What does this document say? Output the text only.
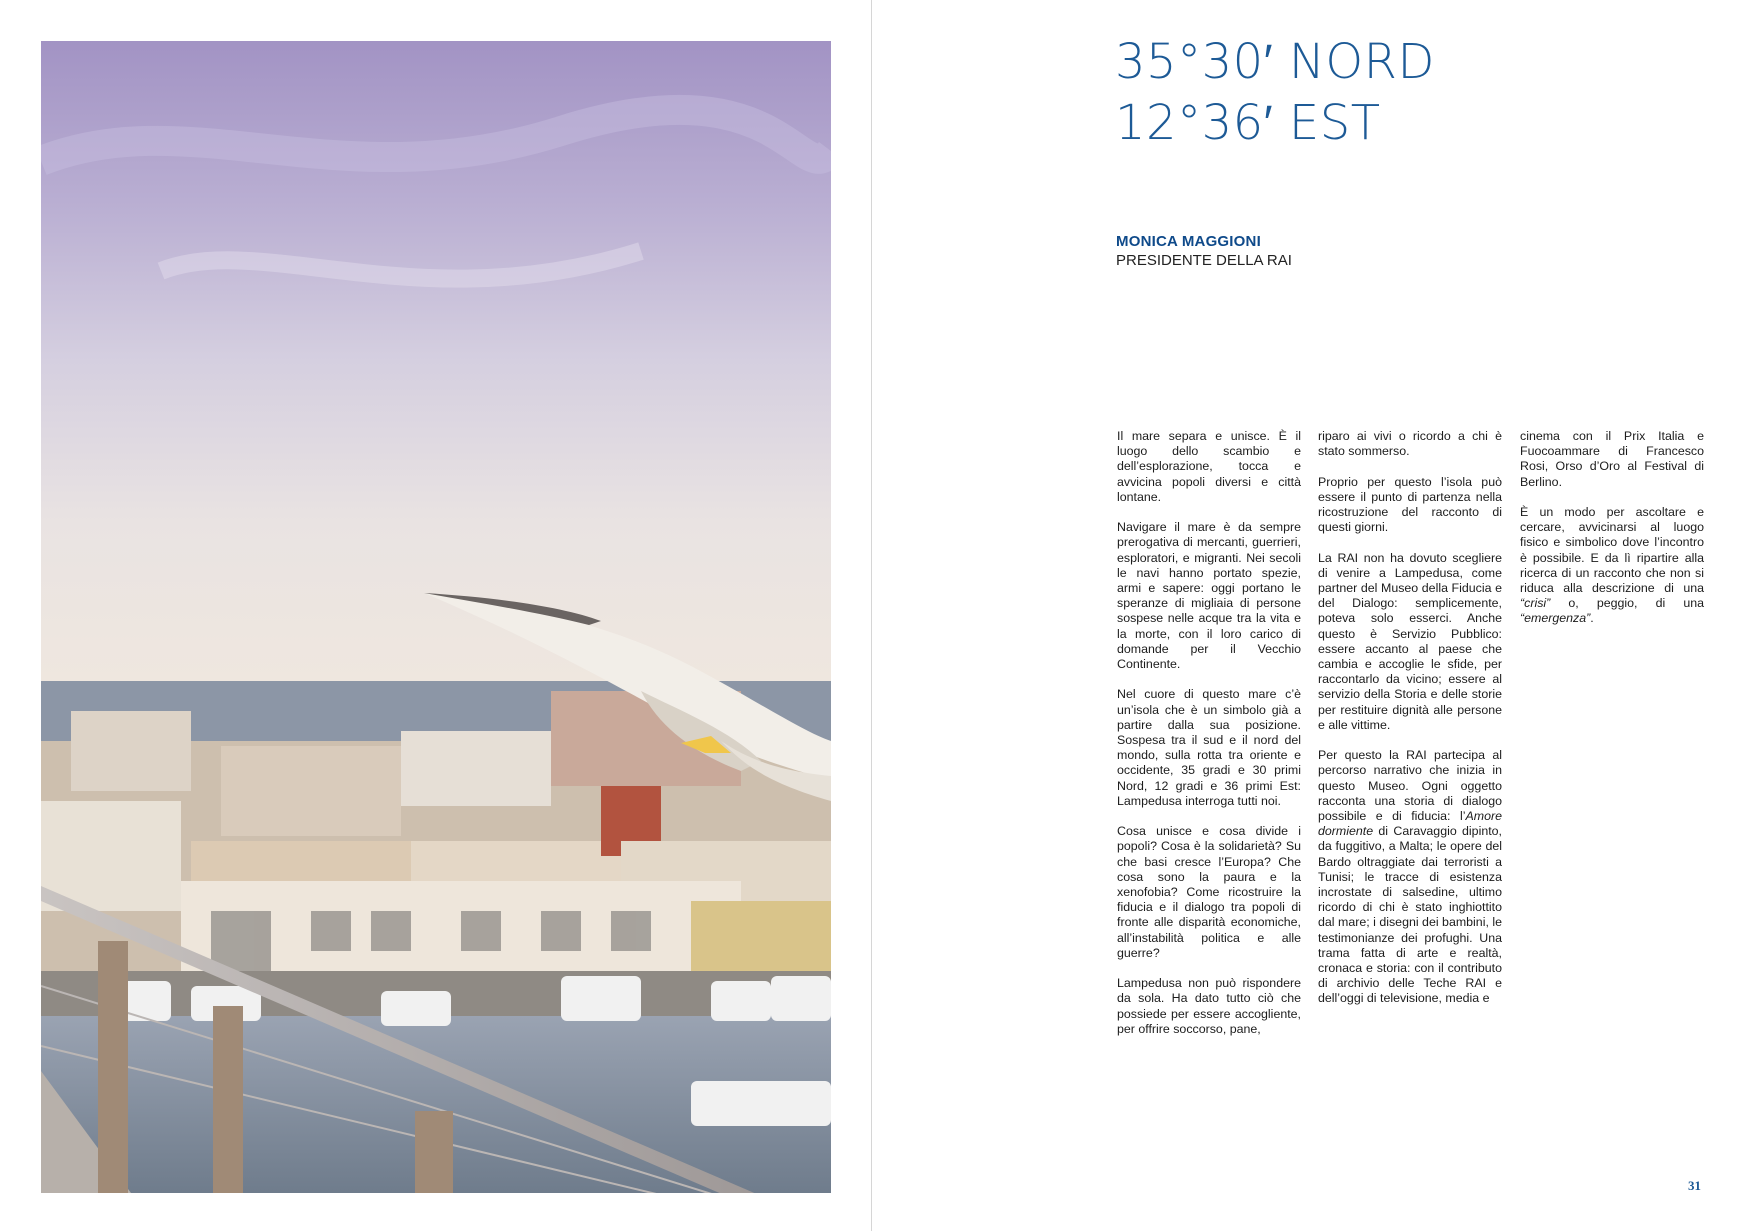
35°30′ NORD
12°36′ EST
MONICA MAGGIONI
PRESIDENTE DELLA RAI

Il mare separa e unisce. È il luogo dello scambio e dell’esplorazione, tocca e avvicina popoli diversi e città lontane.

Navigare il mare è da sempre prerogativa di mercanti, guerrieri, esploratori, e migranti. Nei secoli le navi hanno portato spezie, armi e sapere: oggi portano le speranze di migliaia di persone sospese nelle acque tra la vita e la morte, con il loro carico di domande per il Vecchio Continente.

Nel cuore di questo mare c’è un’isola che è un simbolo già a partire dalla sua posizione. Sospesa tra il sud e il nord del mondo, sulla rotta tra oriente e occidente, 35 gradi e 30 primi Nord, 12 gradi e 36 primi Est: Lampedusa interroga tutti noi.

Cosa unisce e cosa divide i popoli? Cosa è la solidarietà? Su che basi cresce l’Europa? Che cosa sono la paura e la xenofobia? Come ricostruire la fiducia e il dialogo tra popoli di fronte alle disparità economiche, all’instabilità politica e alle guerre?

Lampedusa non può rispondere da sola. Ha dato tutto ciò che possiede per essere accogliente, per offrire soccorso, pane,

riparo ai vivi o ricordo a chi è stato sommerso.

Proprio per questo l’isola può essere il punto di partenza nella ricostruzione del racconto di questi giorni.

La RAI non ha dovuto scegliere di venire a Lampedusa, come partner del Museo della Fiducia e del Dialogo: semplicemente, poteva solo esserci. Anche questo è Servizio Pubblico: essere accanto al paese che cambia e accoglie le sfide, per raccontarlo da vicino; essere al servizio della Storia e delle storie per restituire dignità alle persone e alle vittime.

Per questo la RAI partecipa al percorso narrativo che inizia in questo Museo. Ogni oggetto racconta una storia di dialogo possibile e di fiducia: l’Amore dormiente di Caravaggio dipinto, da fuggitivo, a Malta; le opere del Bardo oltraggiate dai terroristi a Tunisi; le tracce di esistenza incrostate di salsedine, ultimo ricordo di chi è stato inghiottito dal mare; i disegni dei bambini, le testimonianze dei profughi. Una trama fatta di arte e realtà, cronaca e storia: con il contributo di archivio delle Teche RAI e dell’oggi di televisione, media e

cinema con il Prix Italia e Fuocoammare di Francesco Rosi, Orso d’Oro al Festival di Berlino.

È un modo per ascoltare e cercare, avvicinarsi al luogo fisico e simbolico dove l’incontro è possibile. E da lì ripartire alla ricerca di un racconto che non si riduca alla descrizione di una “crisi” o, peggio, di una “emergenza”.

31
